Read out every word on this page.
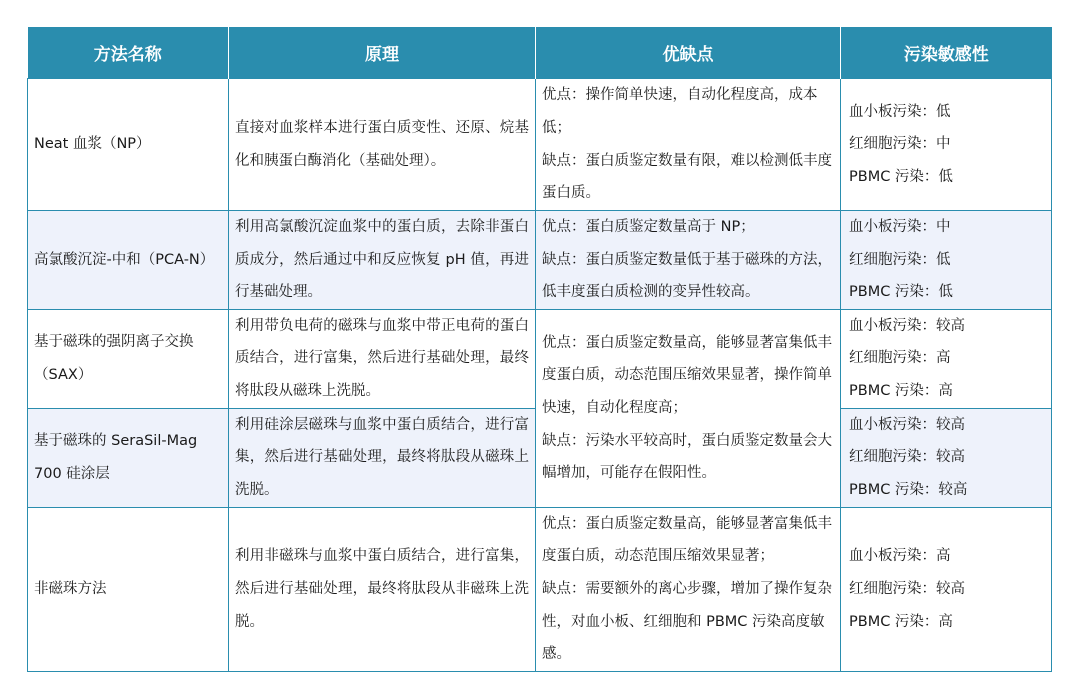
方法名称	原理	优缺点	污染敏感性
Neat 血浆（NP）	直接对血浆样本进行蛋白质变性、还原、烷基化和胰蛋白酶消化（基础处理）。	优点：操作简单快速，自动化程度高，成本低；
缺点：蛋白质鉴定数量有限，难以检测低丰度蛋白质。	血小板污染：低
红细胞污染：中
PBMC 污染：低

高氯酸沉淀-中和（PCA-N）	利用高氯酸沉淀血浆中的蛋白质，去除非蛋白质成分，然后通过中和反应恢复 pH 值，再进行基础处理。	优点：蛋白质鉴定数量高于 NP；
缺点：蛋白质鉴定数量低于基于磁珠的方法，低丰度蛋白质检测的变异性较高。	血小板污染：中
红细胞污染：低
PBMC 污染：低

基于磁珠的强阴离子交换（SAX）	利用带负电荷的磁珠与血浆中带正电荷的蛋白质结合，进行富集，然后进行基础处理，最终将肽段从磁珠上洗脱。	优点：蛋白质鉴定数量高，能够显著富集低丰度蛋白质，动态范围压缩效果显著，操作简单快速，自动化程度高；
缺点：污染水平较高时，蛋白质鉴定数量会大幅增加，可能存在假阳性。	血小板污染：较高
红细胞污染：高
PBMC 污染：高

基于磁珠的 SeraSil-Mag 700 硅涂层	利用硅涂层磁珠与血浆中蛋白质结合，进行富集，然后进行基础处理，最终将肽段从磁珠上洗脱。		血小板污染：较高
红细胞污染：较高
PBMC 污染：较高

非磁珠方法	利用非磁珠与血浆中蛋白质结合，进行富集，然后进行基础处理，最终将肽段从非磁珠上洗脱。	优点：蛋白质鉴定数量高，能够显著富集低丰度蛋白质，动态范围压缩效果显著；
缺点：需要额外的离心步骤，增加了操作复杂性，对血小板、红细胞和 PBMC 污染高度敏感。	血小板污染：高
红细胞污染：较高
PBMC 污染：高
